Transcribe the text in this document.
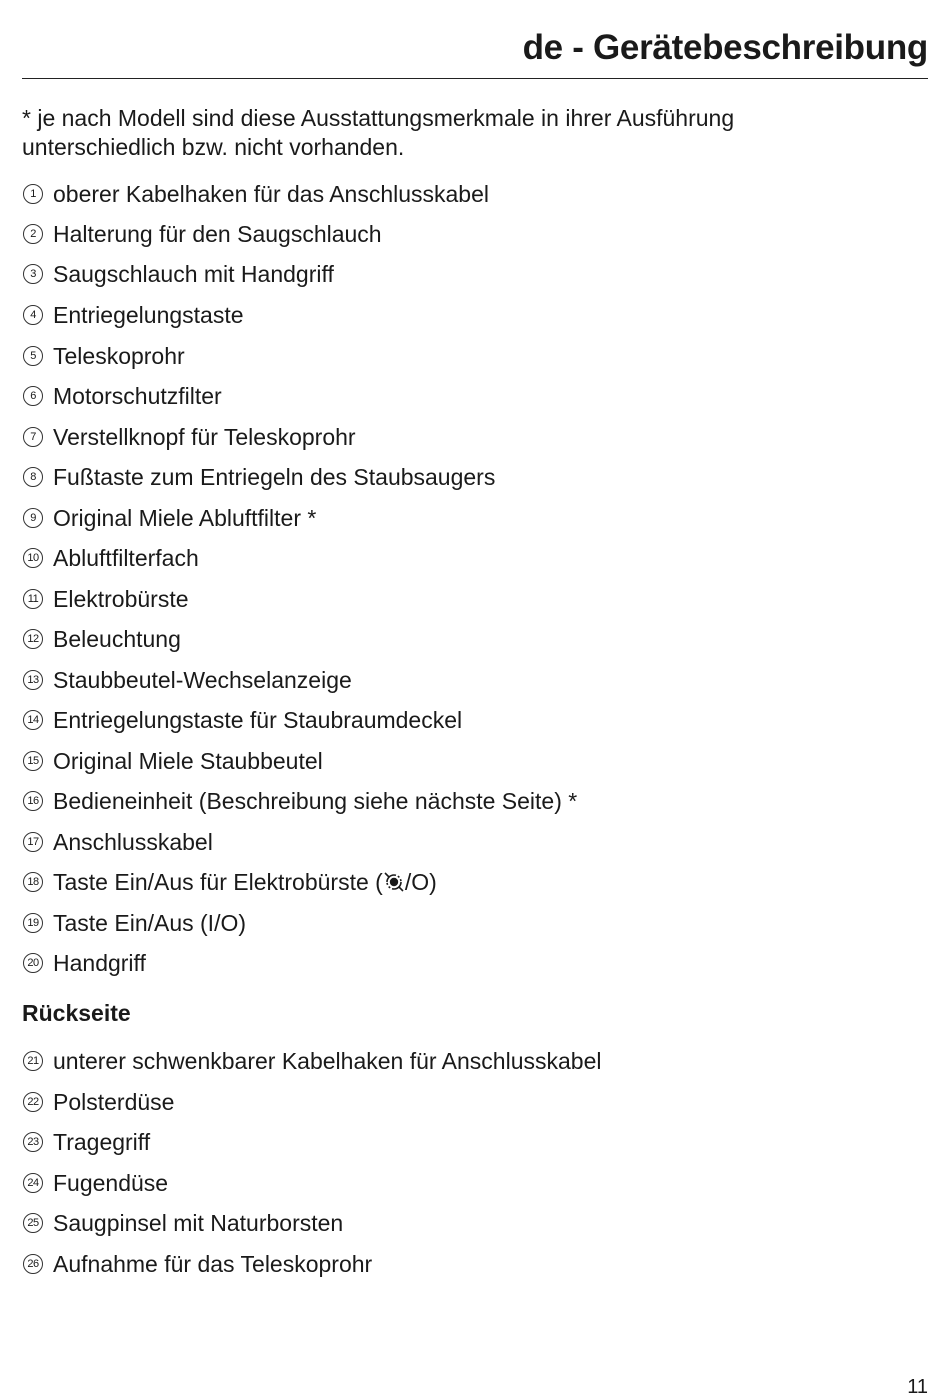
de - Gerätebeschreibung
* je nach Modell sind diese Ausstattungsmerkmale in ihrer Ausführung unterschiedlich bzw. nicht vorhanden.
1 oberer Kabelhaken für das Anschlusskabel
2 Halterung für den Saugschlauch
3 Saugschlauch mit Handgriff
4 Entriegelungstaste
5 Teleskoprohr
6 Motorschutzfilter
7 Verstellknopf für Teleskoprohr
8 Fußtaste zum Entriegeln des Staubsaugers
9 Original Miele Abluftfilter *
10 Abluftfilterfach
11 Elektrobürste
12 Beleuchtung
13 Staubbeutel-Wechselanzeige
14 Entriegelungstaste für Staubraumdeckel
15 Original Miele Staubbeutel
16 Bedieneinheit (Beschreibung siehe nächste Seite) *
17 Anschlusskabel
18 Taste Ein/Aus für Elektrobürste ( /O)
19 Taste Ein/Aus (I/O)
20 Handgriff
Rückseite
21 unterer schwenkbarer Kabelhaken für Anschlusskabel
22 Polsterdüse
23 Tragegriff
24 Fugendüse
25 Saugpinsel mit Naturborsten
26 Aufnahme für das Teleskoprohr
11
